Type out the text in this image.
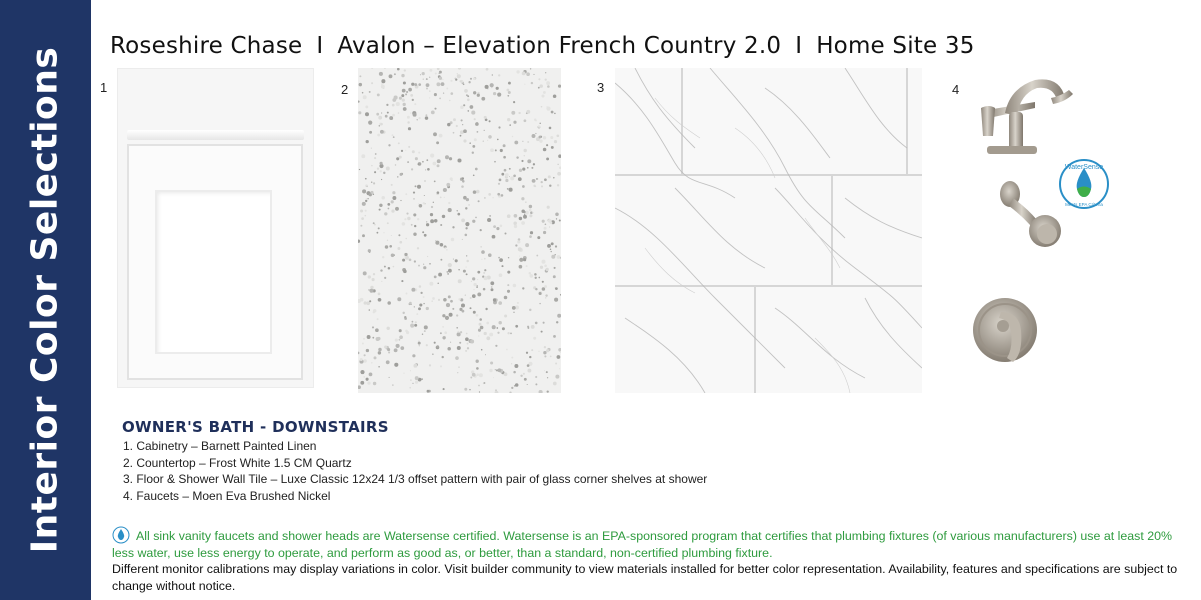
Interior Color Selections
Roseshire Chase I Avalon – Elevation French Country 2.0 I Home Site 35
1	2	3	4
WaterSense
Meets EPA Criteria
OWNER'S BATH - DOWNSTAIRS
1. Cabinetry – Barnett Painted Linen
2. Countertop – Frost White 1.5 CM Quartz
3. Floor & Shower Wall Tile – Luxe Classic 12x24 1/3 offset pattern with pair of glass corner shelves at shower
4. Faucets – Moen Eva Brushed Nickel
All sink vanity faucets and shower heads are Watersense certified. Watersense is an EPA-sponsored program that certifies that plumbing fixtures (of various manufacturers) use at least 20% less water, use less energy to operate, and perform as good as, or better, than a standard, non-certified plumbing fixture.
Different monitor calibrations may display variations in color. Visit builder community to view materials installed for better color representation. Availability, features and specifications are subject to change without notice.
